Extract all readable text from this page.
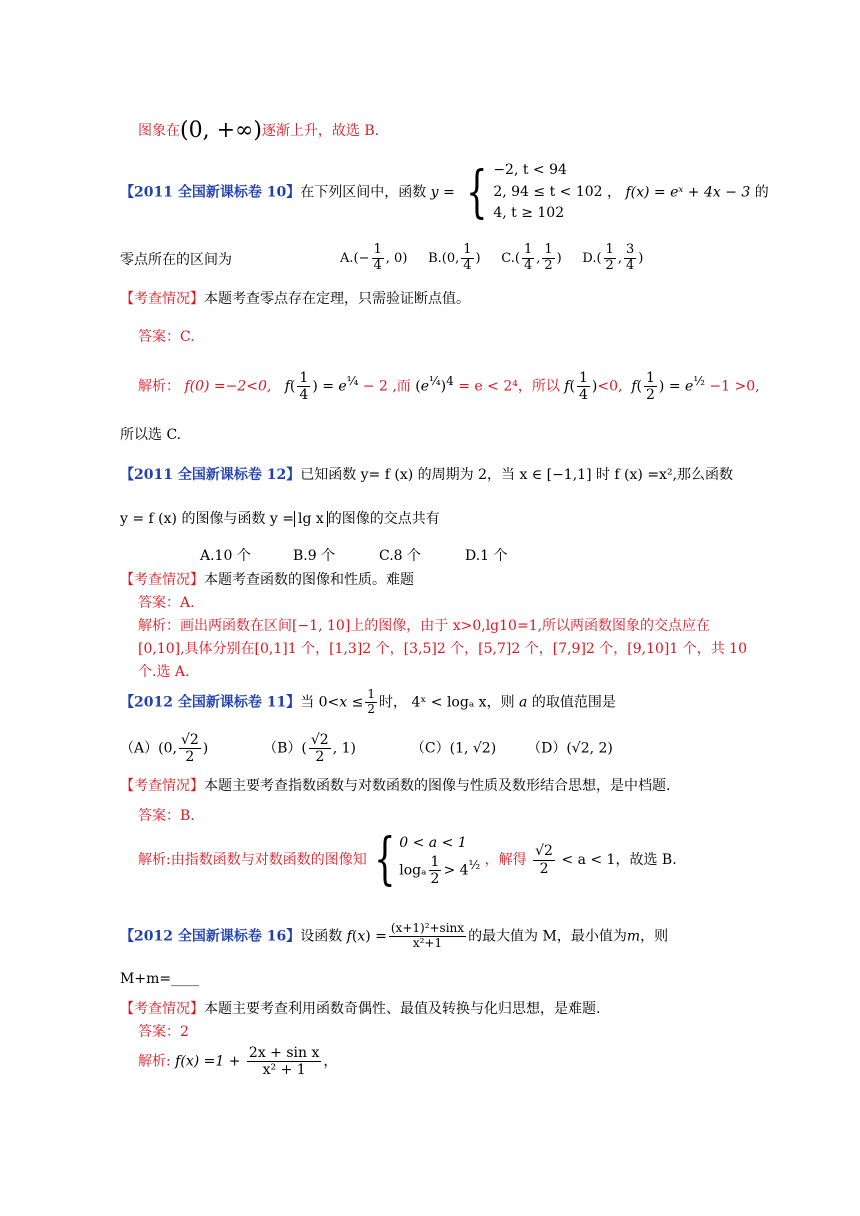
图象在(0, +∞)逐渐上升，故选 B.
【2011 全国新课标卷 10】在下列区间中，函数 y = { −2, t < 94
2, 94 ≤ t < 102
4, t ≥ 102
， f(x) = eˣ + 4x − 3 的
零点所在的区间为	$A.(- \frac{1}{4}$ , 0)     B.(0, $\frac{1}{4}$ )     $C.( \frac{1}{4}$ , $\frac{1}{2}$ )     $D.( \frac{1}{2}$ , $\frac{3}{4}$ )
【考查情况】本题考查零点存在定理，只需验证断点值。
答案：C.
解析： f(0) =−2<0, $f( \frac{1}{4}$ ) = $e^{\frac{1}{4}} - 2$ ,而 $(e^{\frac{1}{4}})^4 = e < 2^4$，所以 $f( \frac{1}{4} )<0$, $f( \frac{1}{2}$ ) = $e^{\frac{1}{2}} -1 >0$,
所以选 C.
【2011 全国新课标卷 12】已知函数 y= f (x) 的周期为 2，当 x ∈ [−1,1] 时 f (x) =x²,那么函数
y = f (x) 的图像与函数 y = lg x 的图像的交点共有
A.10 个	B.9 个	C.8 个	D.1 个
【考查情况】本题考查函数的图像和性质。难题
答案：A.
解析：画出两函数在区间[−1, 10]上的图像，由于 x>0,lg10=1,所以两函数图象的交点应在
[0,10],具体分别在[0,1]1 个，[1,3]2 个，[3,5]2 个，[5,7]2 个，[7,9]2 个，[9,10]1 个，共 10
个.选 A.
【2012 全国新课标卷 11】当 $0<x \le \frac{1}{2}$ 时， 4ˣ < logₐ x，则 a 的取值范围是
（A）(0, $\frac{√2}{2}$ )	$(B)( \frac{√2}{2}$ , 1)	（C）(1, √2) （D）(√2, 2)
【考查情况】本题主要考查指数函数与对数函数的图像与性质及数形结合思想，是中档题.
答案：B.
解析:由指数函数与对数函数的图像知 { 0 < a < 1
logₐ $\frac{1}{2} > 4^{\frac{1}{2}}$ ，解得 $\frac{√2}{2} < a < 1$，故选 B.
【2012 全国新课标卷 16】设函数 $f(x) = \frac{\text{(x+1)²+sinx}}{\text{x²+1}}$ 的最大值为 M，最小值为m，则
M+m=____
【考查情况】本题主要考查利用函数奇偶性、最值及转换与化归思想，是难题.
答案：2
解析: $f(x) =1 + \frac{\text{2x + sin x}}{\text{x² + 1}}$ ，
